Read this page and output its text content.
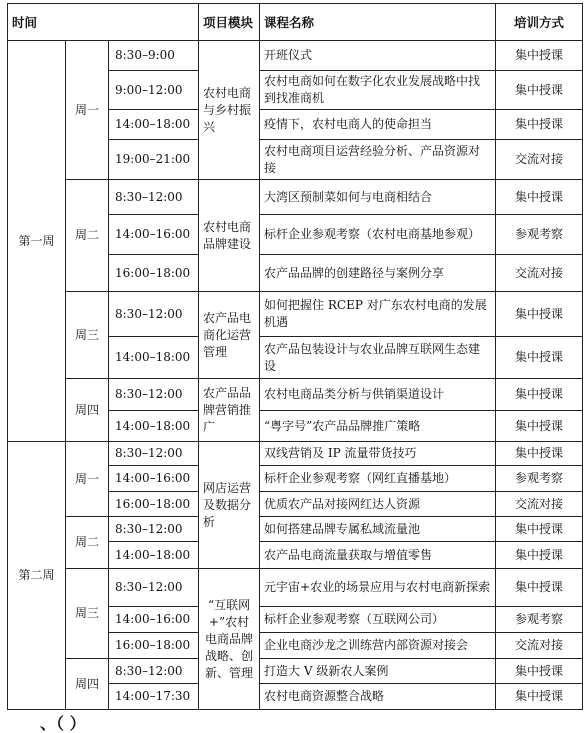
时间			项目模块	课程名称	培训方式
第一周	周一	8:30–9:00	农村电商与乡村振兴	开班仪式	集中授课
		9:00–12:00		农村电商如何在数字化农业发展战略中找到找准商机	集中授课
		14:00–18:00		疫情下，农村电商人的使命担当	集中授课
		19:00–21:00		农村电商项目运营经验分析、产品资源对接	交流对接
	周二	8:30–12:00	农村电商品牌建设	大湾区预制菜如何与电商相结合	集中授课
		14:00–16:00		标杆企业参观考察（农村电商基地参观）	参观考察
		16:00–18:00		农产品品牌的创建路径与案例分享	交流对接
	周三	8:30–12:00	农产品电商化运营管理	如何把握住 RCEP 对广东农村电商的发展机遇	集中授课
		14:00–18:00		农产品包装设计与农业品牌互联网生态建设	集中授课
	周四	8:30–12:00	农产品品牌营销推广	农村电商品类分析与供销渠道设计	集中授课
		14:00–18:00		“粤字号”农产品品牌推广策略	集中授课
第二周	周一	8:30–12:00	网店运营及数据分析	双线营销及 IP 流量带货技巧	集中授课
		14:00–16:00		标杆企业参观考察（网红直播基地）	参观考察
		16:00–18:00		优质农产品对接网红达人资源	交流对接
	周二	8:30–12:00		如何搭建品牌专属私域流量池	集中授课
		14:00–18:00		农产品电商流量获取与增值零售	集中授课
	周三	8:30–12:00	“互联网+”农村电商品牌战略、创新、管理	元宇宙+农业的场景应用与农村电商新探索	集中授课
		14:00–16:00		标杆企业参观考察（互联网公司）	参观考察
		16:00–18:00		企业电商沙龙之训练营内部资源对接会	交流对接
	周四	8:30–12:00		打造大 V 级新农人案例	集中授课
		14:00–17:30		农村电商资源整合战略	集中授课
、（ ）
